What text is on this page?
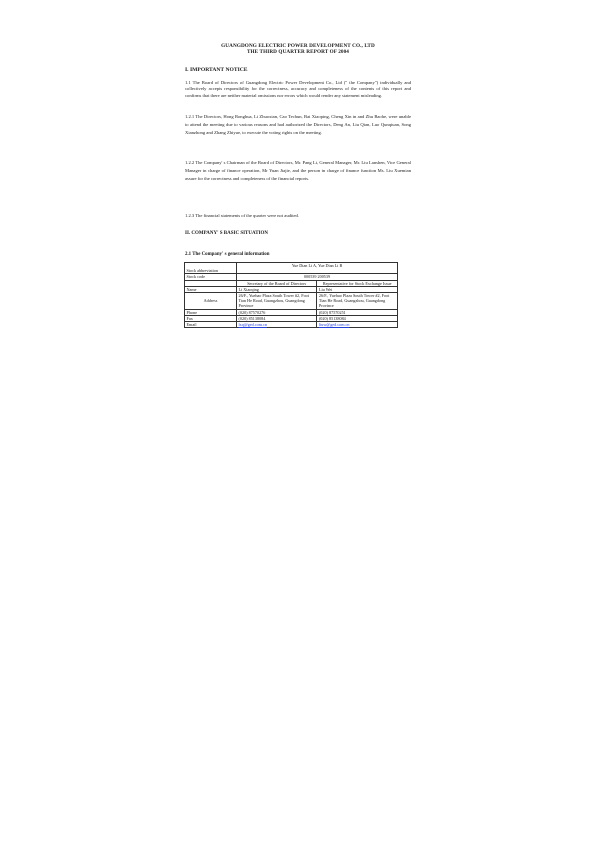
GUANGDONG ELECTRIC POWER DEVELOPMENT CO., LTD
THE THIRD QUARTER REPORT OF 2004
I. IMPORTANT NOTICE
1.1 The Board of Directors of Guangdong Electric Power Development Co., Ltd (" the Company") individually and collectively accepts responsibility for the correctness, accuracy and completeness of the contents of this report and confirms that there are neither material omissions nor errors which would render any statement misleading.
1.2.1 The Directors, Hong Ronghua, Li Zhuoxian, Cao Techun, Bai Xiaoping, Cheng Xin in and Zhu Baohe, were unable to attend the meeting due to various reasons and had authorized the Directors, Deng An, Liu Qian, Luo Qunqiuan, Song Xianzhong and Zhang Zhiyue, to execute the voting rights on the meeting.
1.2.2 The Company' s Chairman of the Board of Directors, Mr. Pang Li, General Manager, Mr. Liu Lanshen, Vice General Manager in charge of finance operation, Mr Yuan Jiajie, and the person in charge of finance function Ms. Liu Xuemian assure for the correctness and completeness of the financial reports.
1.2.3 The financial statements of the quarter were not audited.
II. COMPANY' S BASIC SITUATION
2.1 The Company' s general information

Stock abbreviation	Yue Dian Li A, Yue Dian Li B	
Stock code	000539 200539	
	Secretary of the Board of Directors	Representative for Stock Exchange Issue
Name	Li Xiaoqing	Liu Wei
Address	26/F., Yuehao Plaza South Tower #2, Foot Tian He Road, Guangzhou, Guangdong Province	26/F., Yuehao Plaza South Tower #2, Foot Tian He Road, Guangzhou, Guangdong Province
Phone	(020) 87570276	(020) 87570251
Fax	(020) 85138084	(020) 85138084
Email	lxq@ged.com.cn	liuw@ged.com.cn
